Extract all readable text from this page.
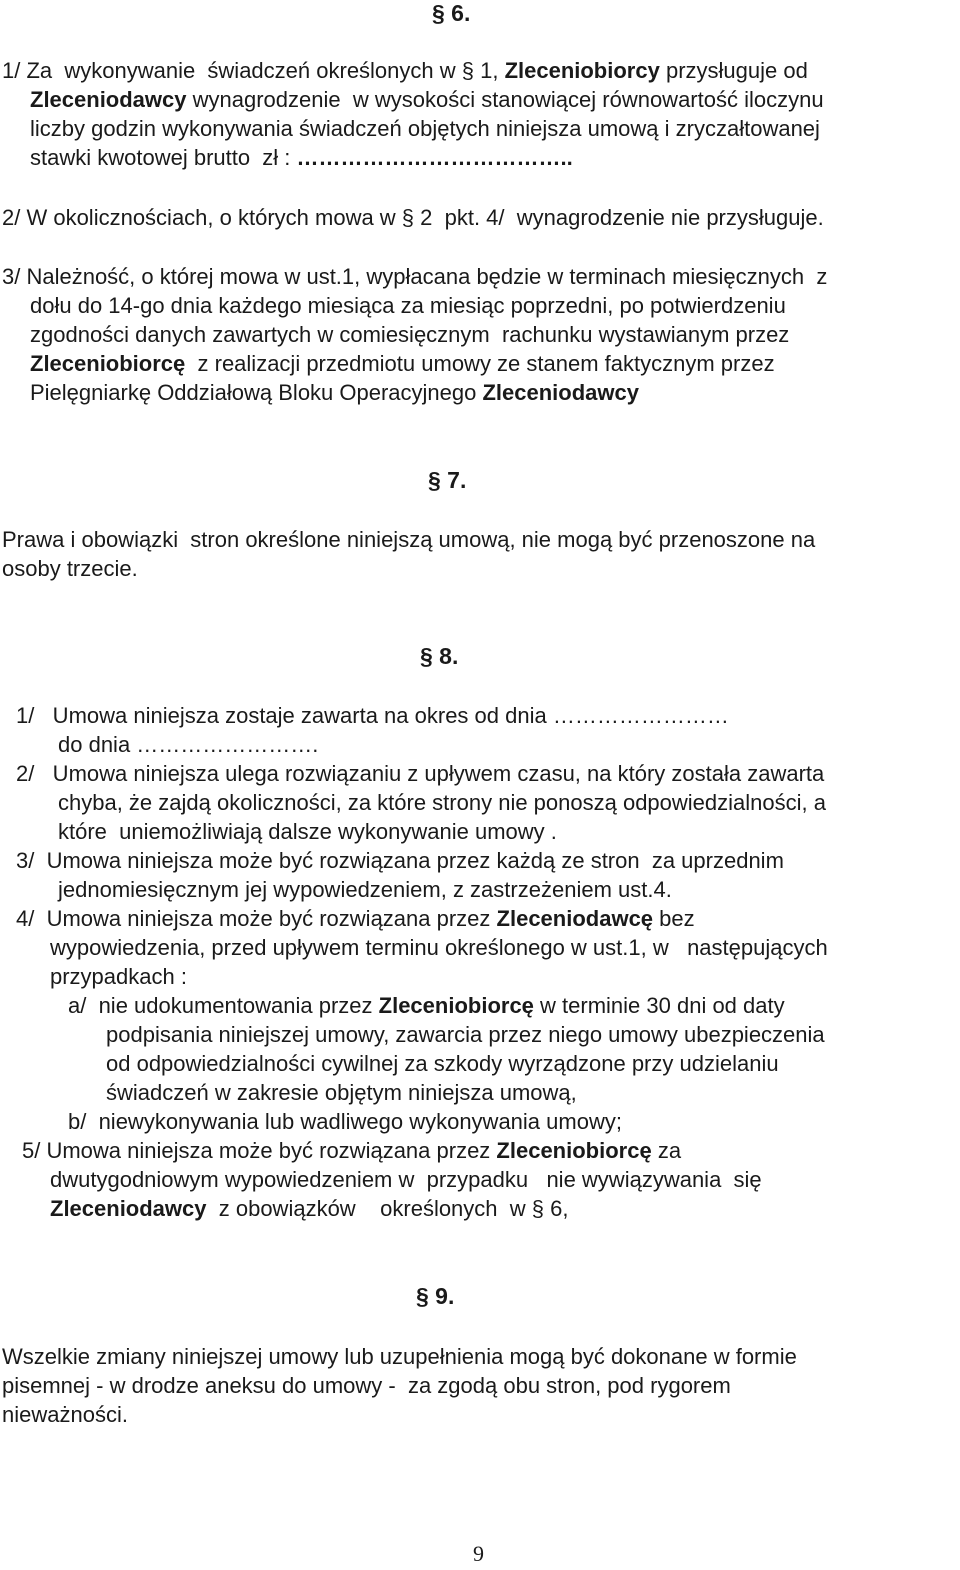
§ 6.
1/ Za  wykonywanie  świadczeń określonych w § 1, Zleceniobiorcy przysługuje od
Zleceniodawcy wynagrodzenie  w wysokości stanowiącej równowartość iloczynu
liczby godzin wykonywania świadczeń objętych niniejsza umową i zryczałtowanej
stawki kwotowej brutto  zł : ………………………………..
2/ W okolicznościach, o których mowa w § 2  pkt. 4/  wynagrodzenie nie przysługuje.
3/ Należność, o której mowa w ust.1, wypłacana będzie w terminach miesięcznych  z
dołu do 14-go dnia każdego miesiąca za miesiąc poprzedni, po potwierdzeniu
zgodności danych zawartych w comiesięcznym  rachunku wystawianym przez
Zleceniobiorcę  z realizacji przedmiotu umowy ze stanem faktycznym przez
Pielęgniarkę Oddziałową Bloku Operacyjnego Zleceniodawcy
§ 7.
Prawa i obowiązki  stron określone niniejszą umową, nie mogą być przenoszone na
osoby trzecie.
§ 8.
1/   Umowa niniejsza zostaje zawarta na okres od dnia ……………………
do dnia …………………….
2/   Umowa niniejsza ulega rozwiązaniu z upływem czasu, na który została zawarta
chyba, że zajdą okoliczności, za które strony nie ponoszą odpowiedzialności, a
które  uniemożliwiają dalsze wykonywanie umowy .
3/  Umowa niniejsza może być rozwiązana przez każdą ze stron  za uprzednim
jednomiesięcznym jej wypowiedzeniem, z zastrzeżeniem ust.4.
4/  Umowa niniejsza może być rozwiązana przez Zleceniodawcę bez
wypowiedzenia, przed upływem terminu określonego w ust.1, w   następujących
przypadkach :
a/  nie udokumentowania przez Zleceniobiorcę w terminie 30 dni od daty
podpisania niniejszej umowy, zawarcia przez niego umowy ubezpieczenia
od odpowiedzialności cywilnej za szkody wyrządzone przy udzielaniu
świadczeń w zakresie objętym niniejsza umową,
b/  niewykonywania lub wadliwego wykonywania umowy;
5/ Umowa niniejsza może być rozwiązana przez Zleceniobiorcę za
dwutygodniowym wypowiedzeniem w  przypadku   nie wywiązywania  się
Zleceniodawcy  z obowiązków    określonych  w § 6,
§ 9.
Wszelkie zmiany niniejszej umowy lub uzupełnienia mogą być dokonane w formie
pisemnej - w drodze aneksu do umowy -  za zgodą obu stron, pod rygorem
nieważności.
9
